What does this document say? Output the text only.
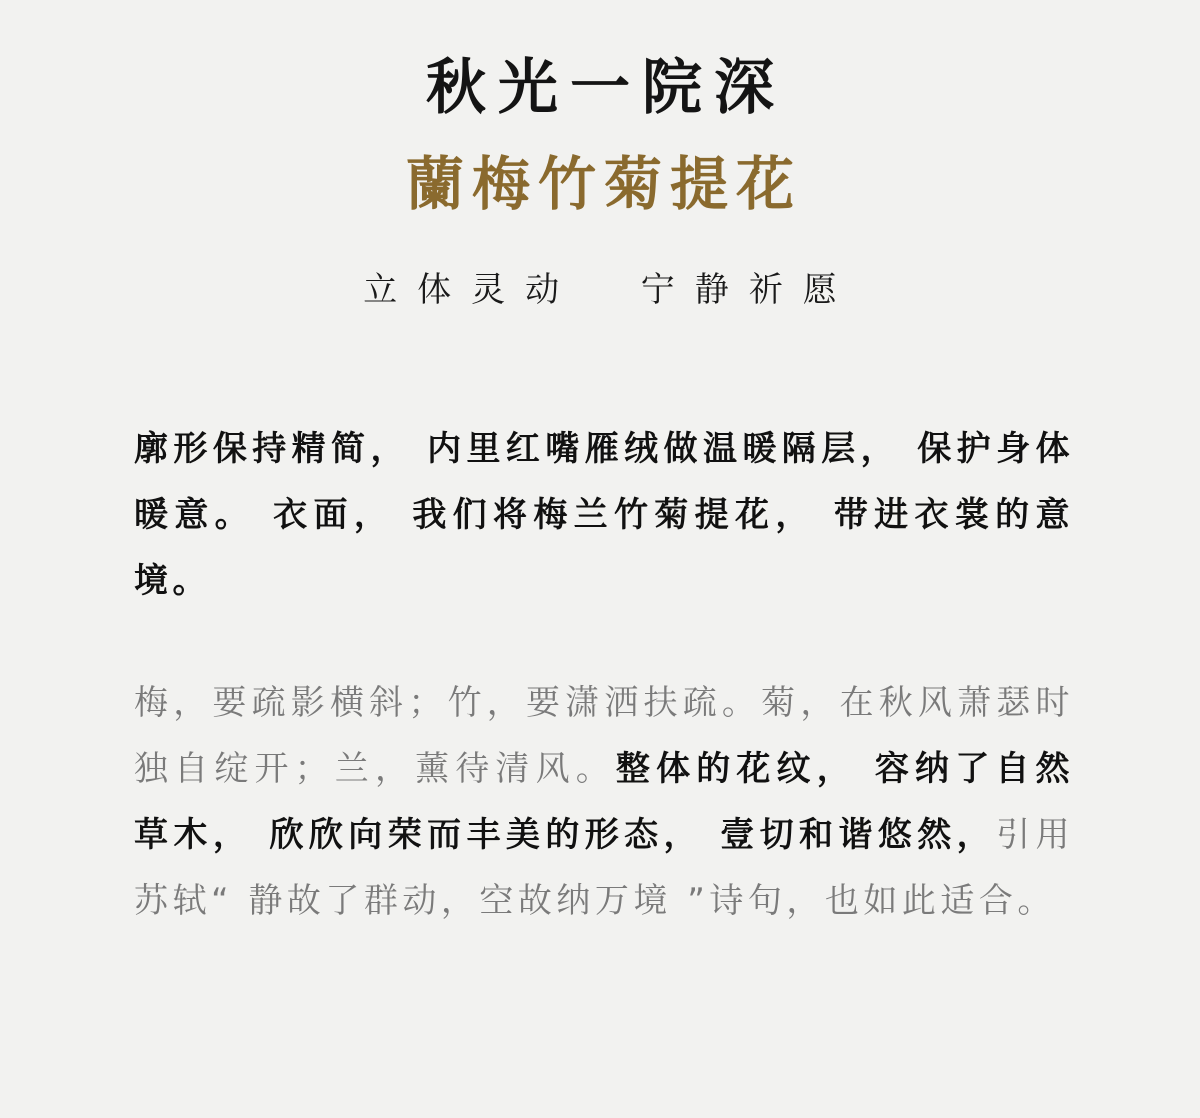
秋光一院深
蘭梅竹菊提花
立体灵动  宁静祈愿
廓形保持精简， 内里红嘴雁绒做温暖隔层， 保护身体暖意。 衣面， 我们将梅兰竹菊提花， 带进衣裳的意境。
梅，要疏影横斜；竹，要潇洒扶疏。菊，在秋风萧瑟时独自绽开；兰，薰待清风。整体的花纹， 容纳了自然草木， 欣欣向荣而丰美的形态， 壹切和谐悠然，引用苏轼“ 静故了群动，空故纳万境 ”诗句，也如此适合。
